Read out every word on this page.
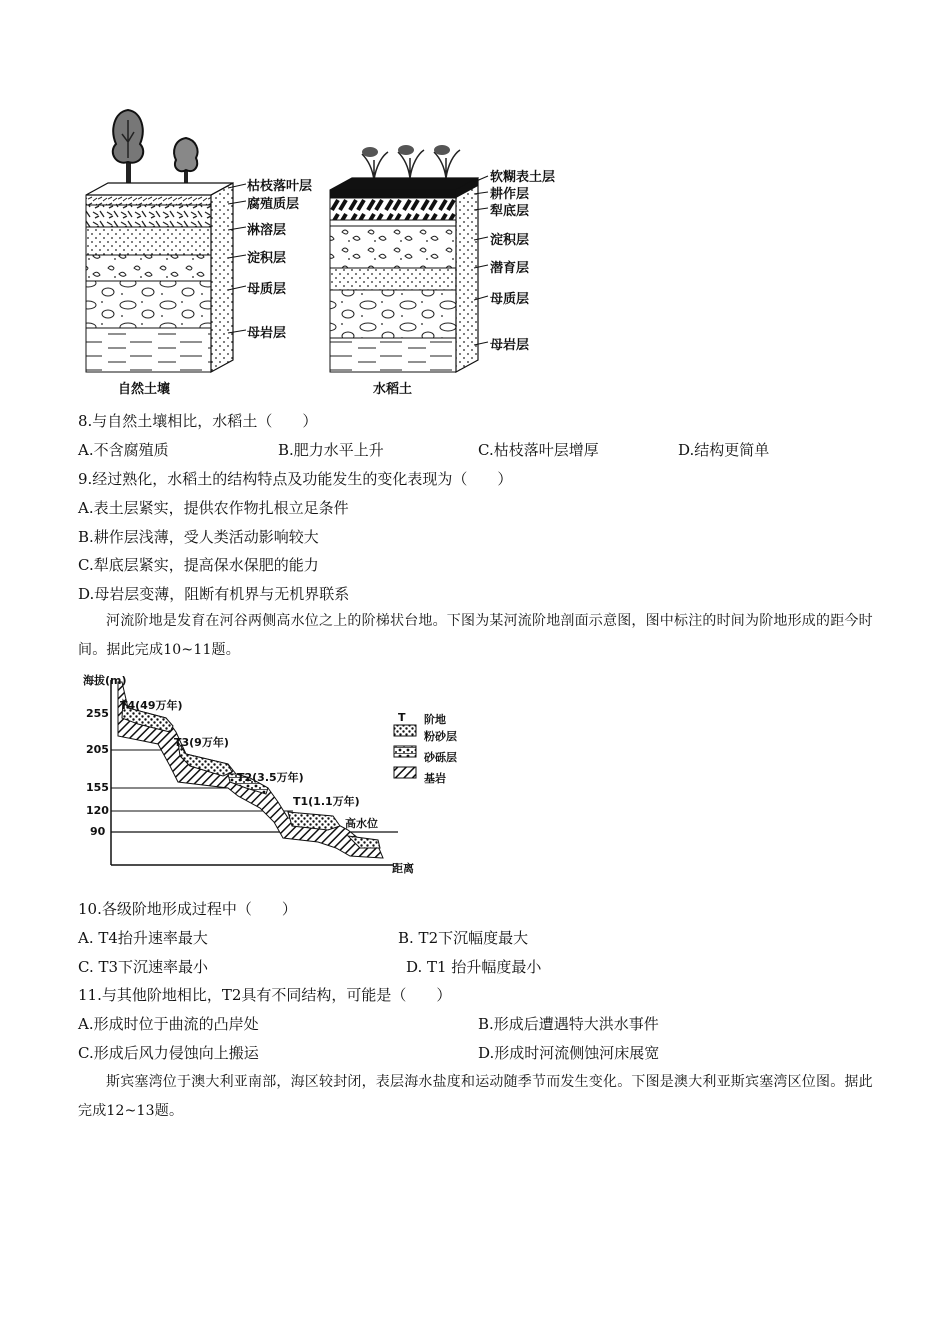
枯枝落叶层
腐殖质层
淋溶层
淀积层
母质层
母岩层
自然土壤
软糊表土层
耕作层
犁底层
淀积层
潜育层
母质层
母岩层
水稻土
8.与自然土壤相比，水稻土（　　）
A.不含腐殖质	B.肥力水平上升	C.枯枝落叶层增厚	D.结构更简单
9.经过熟化，水稻土的结构特点及功能发生的变化表现为（　　）
A.表土层紧实，提供农作物扎根立足条件
B.耕作层浅薄，受人类活动影响较大
C.犁底层紧实，提高保水保肥的能力
D.母岩层变薄，阻断有机界与无机界联系
河流阶地是发育在河谷两侧高水位之上的阶梯状台地。下图为某河流阶地剖面示意图，图中标注的时间为阶地形成的距今时间。据此完成10~11题。
海拔(m)
255
205
155
120
90
距离
T4(49万年)
T3(9万年)
T2(3.5万年)
T1(1.1万年)
高水位
T 阶地
粉砂层
砂砾层
基岩
10.各级阶地形成过程中（　　）
A. T4抬升速率最大	B. T2下沉幅度最大
C. T3下沉速率最小	D. T1 抬升幅度最小
11.与其他阶地相比，T2具有不同结构，可能是（　　）
A.形成时位于曲流的凸岸处	B.形成后遭遇特大洪水事件
C.形成后风力侵蚀向上搬运	D.形成时河流侧蚀河床展宽
斯宾塞湾位于澳大利亚南部，海区较封闭，表层海水盐度和运动随季节而发生变化。下图是澳大利亚斯宾塞湾区位图。据此完成12~13题。
